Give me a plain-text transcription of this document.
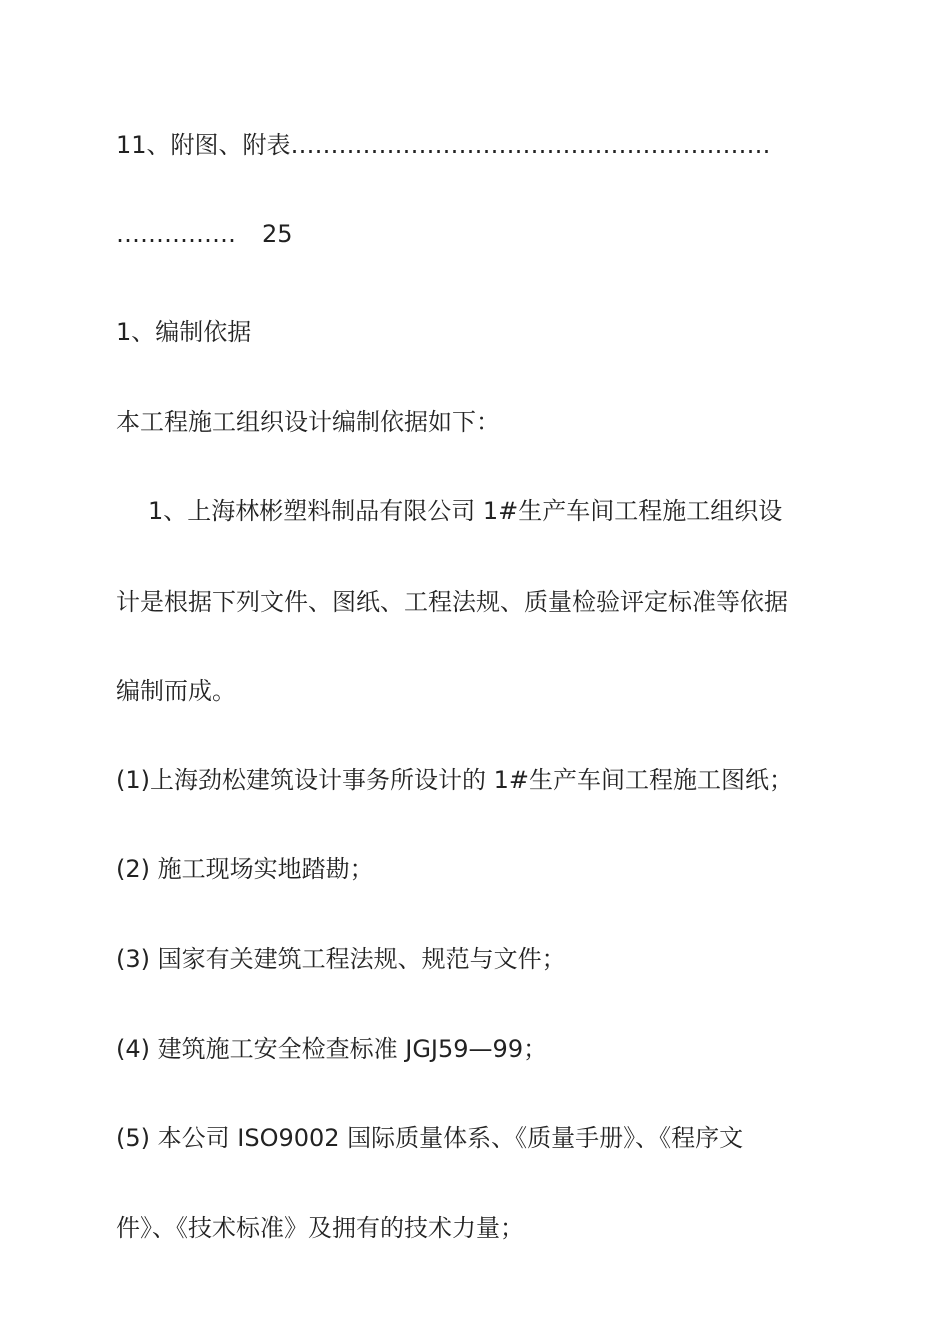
11、附图、附表……………………………………………………
…………… 25
1、编制依据
本工程施工组织设计编制依据如下：
1、上海林彬塑料制品有限公司 1#生产车间工程施工组织设
计是根据下列文件、图纸、工程法规、质量检验评定标准等依据
编制而成。
(1)上海劲松建筑设计事务所设计的 1#生产车间工程施工图纸；
(2) 施工现场实地踏勘；
(3) 国家有关建筑工程法规、规范与文件；
(4) 建筑施工安全检查标准 JGJ59—99；
(5) 本公司 ISO9002 国际质量体系、《质量手册》、《程序文
件》、《技术标准》及拥有的技术力量；
